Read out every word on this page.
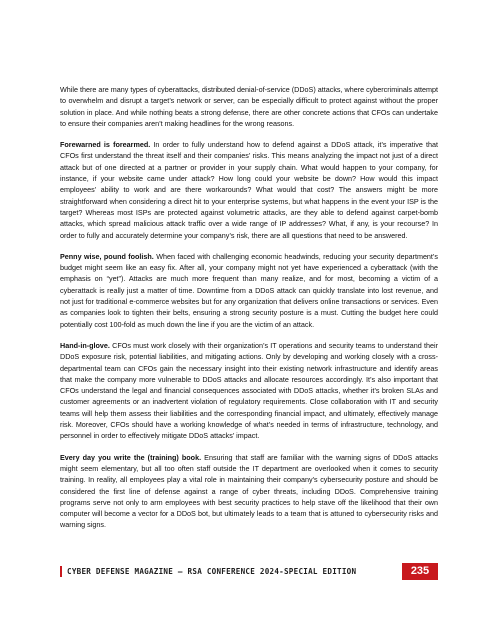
While there are many types of cyberattacks, distributed denial-of-service (DDoS) attacks, where cybercriminals attempt to overwhelm and disrupt a target’s network or server, can be especially difficult to protect against without the proper solution in place. And while nothing beats a strong defense, there are other concrete actions that CFOs can undertake to ensure their companies aren’t making headlines for the wrong reasons.

Forewarned is forearmed. In order to fully understand how to defend against a DDoS attack, it’s imperative that CFOs first understand the threat itself and their companies’ risks. This means analyzing the impact not just of a direct attack but of one directed at a partner or provider in your supply chain. What would happen to your company, for instance, if your website came under attack? How long could your website be down? How would this impact employees’ ability to work and are there workarounds? What would that cost? The answers might be more straightforward when considering a direct hit to your enterprise systems, but what happens in the event your ISP is the target? Whereas most ISPs are protected against volumetric attacks, are they able to defend against carpet-bomb attacks, which spread malicious attack traffic over a wide range of IP addresses? What, if any, is your recourse? In order to fully and accurately determine your company’s risk, there are all questions that need to be answered.

Penny wise, pound foolish. When faced with challenging economic headwinds, reducing your security department’s budget might seem like an easy fix. After all, your company might not yet have experienced a cyberattack (with the emphasis on “yet”). Attacks are much more frequent than many realize, and for most, becoming a victim of a cyberattack is really just a matter of time. Downtime from a DDoS attack can quickly translate into lost revenue, and not just for traditional e-commerce websites but for any organization that delivers online transactions or services. Even as companies look to tighten their belts, ensuring a strong security posture is a must. Cutting the budget here could potentially cost 100-fold as much down the line if you are the victim of an attack.

Hand-in-glove. CFOs must work closely with their organization’s IT operations and security teams to understand their DDoS exposure risk, potential liabilities, and mitigating actions. Only by developing and working closely with a cross-departmental team can CFOs gain the necessary insight into their existing network infrastructure and identify areas that make the company more vulnerable to DDoS attacks and allocate resources accordingly. It’s also important that CFOs understand the legal and financial consequences associated with DDoS attacks, whether it’s broken SLAs and customer agreements or an inadvertent violation of regulatory requirements. Close collaboration with IT and security teams will help them assess their liabilities and the corresponding financial impact, and ultimately, effectively manage risk. Moreover, CFOs should have a working knowledge of what’s needed in terms of infrastructure, technology, and personnel in order to effectively mitigate DDoS attacks’ impact.

Every day you write the (training) book. Ensuring that staff are familiar with the warning signs of DDoS attacks might seem elementary, but all too often staff outside the IT department are overlooked when it comes to security training. In reality, all employees play a vital role in maintaining their company’s cybersecurity posture and should be considered the first line of defense against a range of cyber threats, including DDoS. Comprehensive training programs serve not only to arm employees with best security practices to help stave off the likelihood that their own computer will become a vector for a DDoS bot, but ultimately leads to a team that is attuned to cybersecurity risks and warning signs.

CYBER DEFENSE MAGAZINE – RSA CONFERENCE 2024-SPECIAL EDITION	235
